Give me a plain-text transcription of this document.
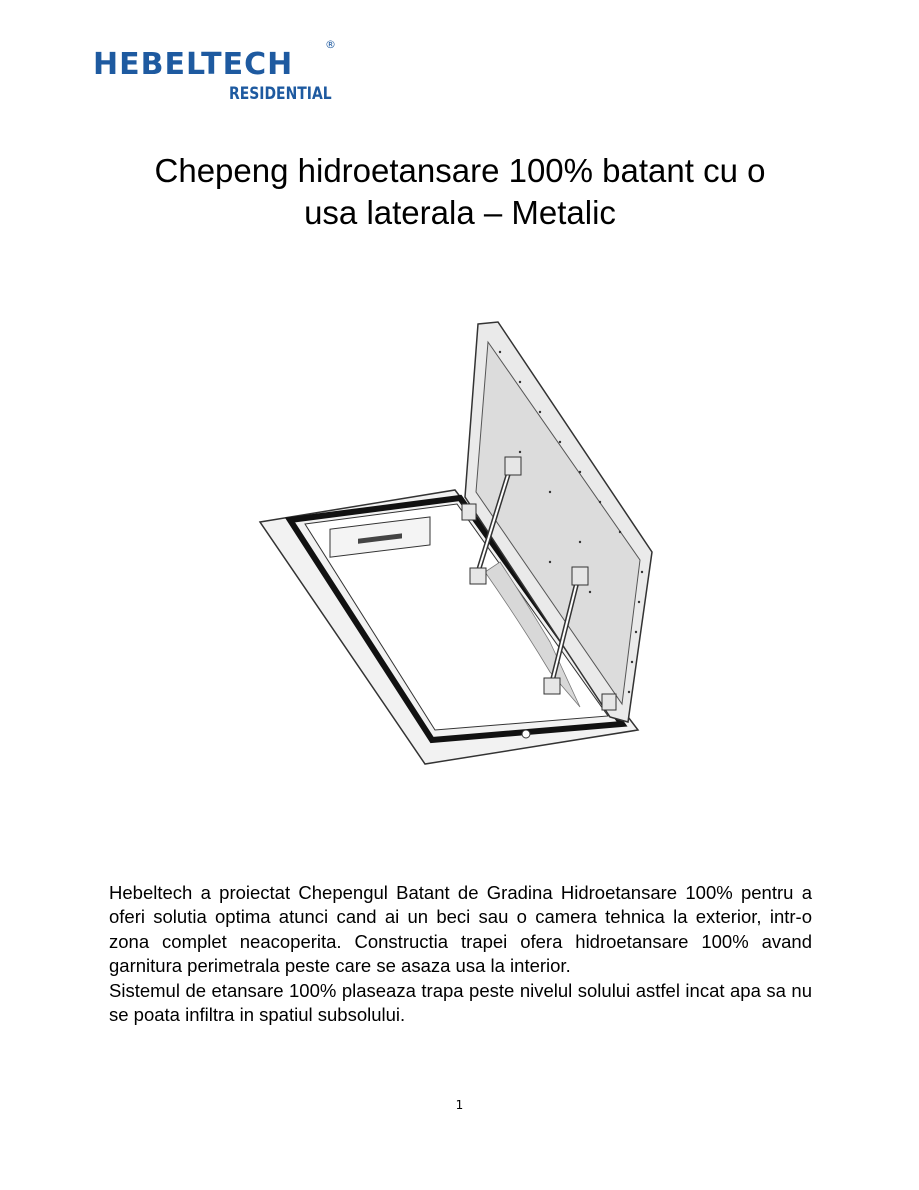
HEBELTECH
®
RESIDENTIAL
Chepeng hidroetansare 100% batant cu o
usa laterala – Metalic

Hebeltech a proiectat Chepengul Batant de Gradina Hidroetansare 100% pentru a oferi solutia optima atunci cand ai un beci sau o camera tehnica la exterior, intr-o zona complet neacoperita. Constructia trapei ofera hidroetansare 100% avand garnitura perimetrala peste care se asaza usa la interior.

Sistemul de etansare 100% plaseaza trapa peste nivelul solului astfel incat apa sa nu se poata infiltra in spatiul subsolului.

1
